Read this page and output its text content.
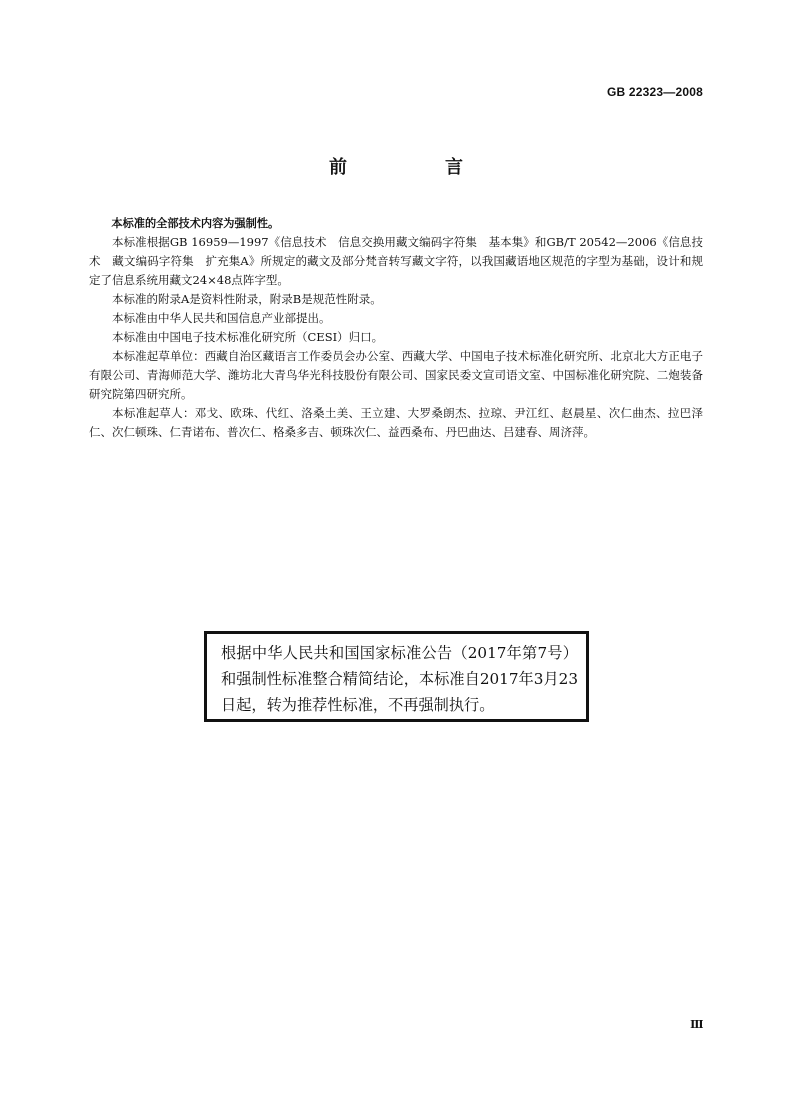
GB 22323—2008
前　言

本标准的全部技术内容为强制性。

本标准根据GB 16959—1997《信息技术　信息交换用藏文编码字符集　基本集》和GB/T 20542—2006《信息技术　藏文编码字符集　扩充集A》所规定的藏文及部分梵音转写藏文字符，以我国藏语地区规范的字型为基础，设计和规定了信息系统用藏文24×48点阵字型。

本标准的附录A是资料性附录，附录B是规范性附录。

本标准由中华人民共和国信息产业部提出。

本标准由中国电子技术标准化研究所（CESI）归口。

本标准起草单位：西藏自治区藏语言工作委员会办公室、西藏大学、中国电子技术标准化研究所、北京北大方正电子有限公司、青海师范大学、潍坊北大青鸟华光科技股份有限公司、国家民委文宣司语文室、中国标准化研究院、二炮装备研究院第四研究所。

本标准起草人：邓戈、欧珠、代红、洛桑土美、王立建、大罗桑朗杰、拉琼、尹江红、赵晨星、次仁曲杰、拉巴泽仁、次仁顿珠、仁青诺布、普次仁、格桑多吉、顿珠次仁、益西桑布、丹巴曲达、吕建春、周济萍。

根据中华人民共和国国家标准公告（2017年第7号）和强制性标准整合精简结论，本标准自2017年3月23日起，转为推荐性标准，不再强制执行。
Ⅲ
